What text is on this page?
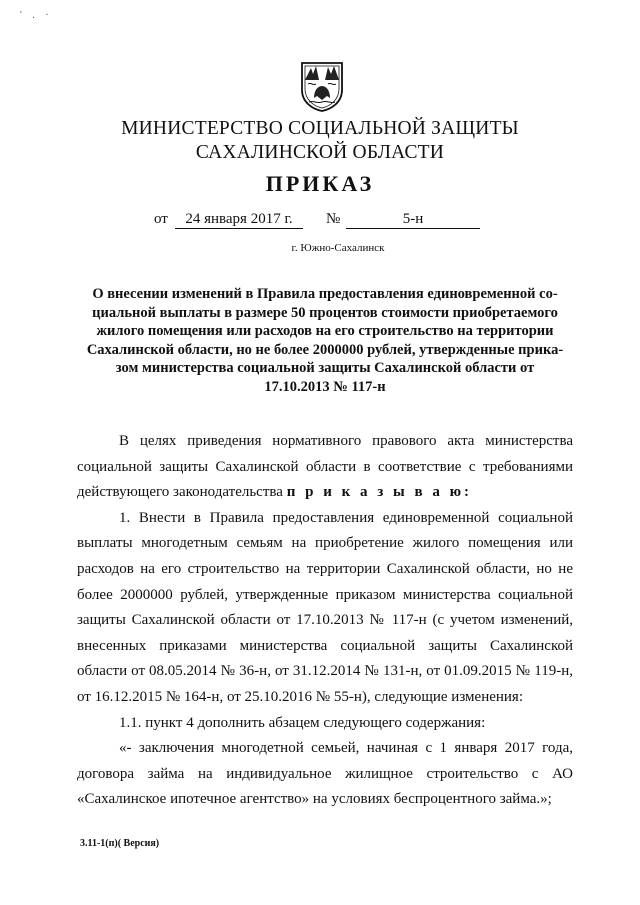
' . ·
МИНИСТЕРСТВО СОЦИАЛЬНОЙ ЗАЩИТЫ
САХАЛИНСКОЙ ОБЛАСТИ
ПРИКАЗ
от	24 января 2017 г.	№	5-н
г. Южно-Сахалинск
О внесении изменений в Правила предоставления единовременной со-
циальной выплаты в размере 50 процентов стоимости приобретаемого
жилого помещения или расходов на его строительство на территории
Сахалинской области, но не более 2000000 рублей, утвержденные прика-
зом министерства социальной защиты Сахалинской области от
17.10.2013 № 117-н

В целях приведения нормативного правового акта министерства социальной защиты Сахалинской области в соответствие с требованиями действующего законодательства п р и к а з ы в а ю:

1. Внести в Правила предоставления единовременной социальной выплаты многодетным семьям на приобретение жилого помещения или расходов на его строительство на территории Сахалинской области, но не более 2000000 рублей, утвержденные приказом министерства социальной защиты Сахалинской области от 17.10.2013 № 117-н (с учетом изменений, внесенных приказами министерства социальной защиты Сахалинской области от 08.05.2014 № 36-н, от 31.12.2014 № 131-н, от 01.09.2015 № 119-н, от 16.12.2015 № 164-н, от 25.10.2016 № 55-н), следующие изменения:

1.1. пункт 4 дополнить абзацем следующего содержания:

«- заключения многодетной семьей, начиная с 1 января 2017 года, договора займа на индивидуальное жилищное строительство с АО «Сахалинское ипотечное агентство» на условиях беспроцентного займа.»;

3.11-1(п)( Версия)
